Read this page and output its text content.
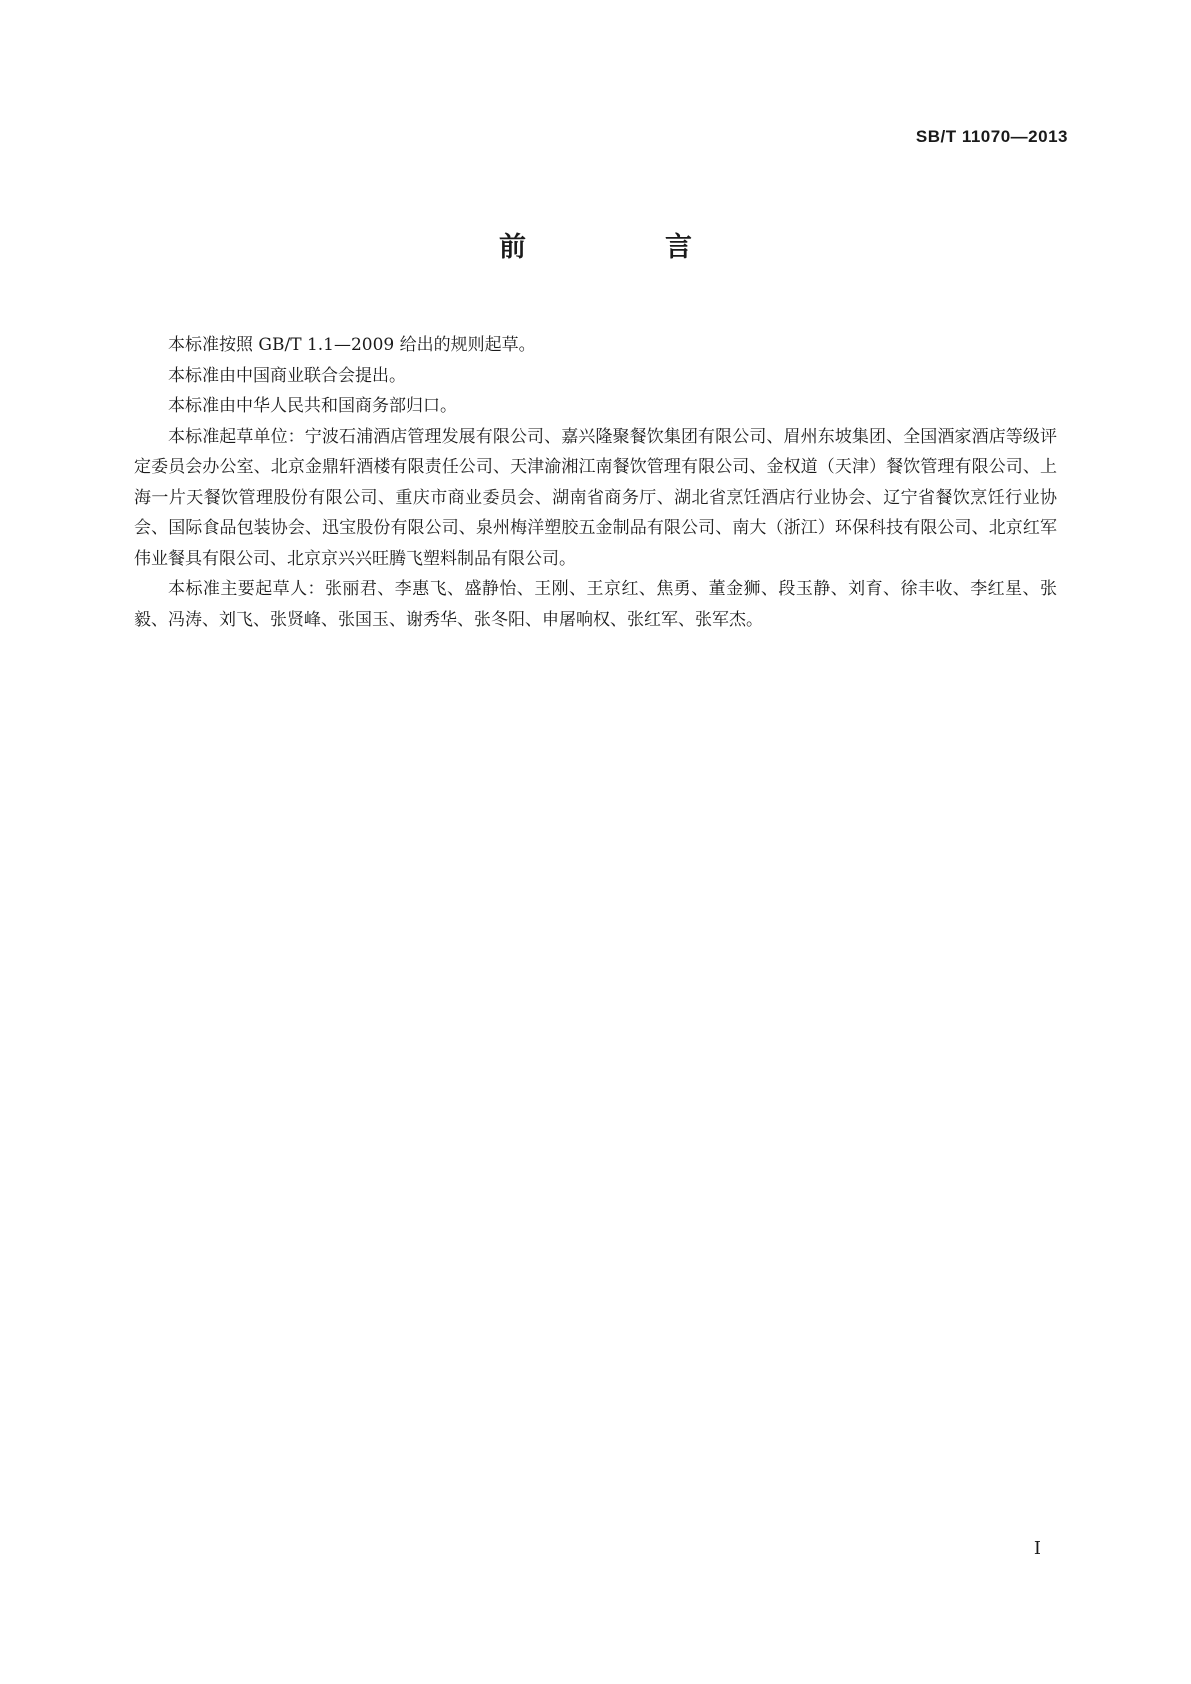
SB/T 11070—2013
前　言

本标准按照 GB/T 1.1—2009 给出的规则起草。

本标准由中国商业联合会提出。

本标准由中华人民共和国商务部归口。

本标准起草单位：宁波石浦酒店管理发展有限公司、嘉兴隆聚餐饮集团有限公司、眉州东坡集团、全国酒家酒店等级评定委员会办公室、北京金鼎轩酒楼有限责任公司、天津渝湘江南餐饮管理有限公司、金权道（天津）餐饮管理有限公司、上海一片天餐饮管理股份有限公司、重庆市商业委员会、湖南省商务厅、湖北省烹饪酒店行业协会、辽宁省餐饮烹饪行业协会、国际食品包装协会、迅宝股份有限公司、泉州梅洋塑胶五金制品有限公司、南大（浙江）环保科技有限公司、北京红军伟业餐具有限公司、北京京兴兴旺腾飞塑料制品有限公司。

本标准主要起草人：张丽君、李惠飞、盛静怡、王刚、王京红、焦勇、董金狮、段玉静、刘育、徐丰收、李红星、张毅、冯涛、刘飞、张贤峰、张国玉、谢秀华、张冬阳、申屠响权、张红军、张军杰。

I
